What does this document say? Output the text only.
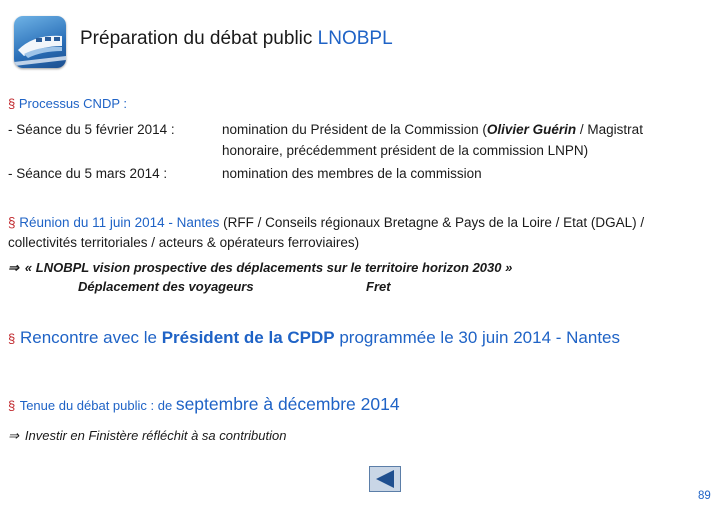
Préparation du débat public LNOBPL
§ Processus CNDP :
- Séance du 5 février 2014 :	nomination du Président de la Commission (Olivier Guérin / Magistrat
honoraire, précédemment président de la commission LNPN)
- Séance du 5 mars 2014 :	nomination des membres de la commission
§ Réunion du 11 juin 2014 - Nantes (RFF / Conseils régionaux Bretagne & Pays de la Loire / Etat (DGAL) /
collectivités territoriales / acteurs & opérateurs ferroviaires)
⇒ « LNOBPL vision prospective des déplacements sur le territoire horizon 2030 »
Déplacement des voyageurs	Fret
§ Rencontre avec le Président de la CPDP programmée le 30 juin 2014 - Nantes
§ Tenue du débat public : de septembre à décembre 2014
⇒ Investir en Finistère réfléchit à sa contribution
89
